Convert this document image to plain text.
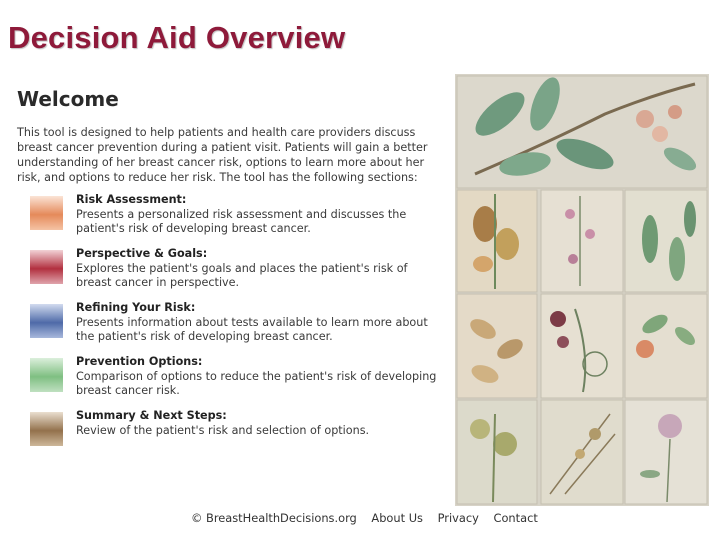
Decision Aid Overview
Welcome
This tool is designed to help patients and health care providers discuss breast cancer prevention during a patient visit. Patients will gain a better understanding of her breast cancer risk, options to learn more about her risk, and options to reduce her risk. The tool has the following sections:
Risk Assessment:
Presents a personalized risk assessment and discusses the patient's risk of developing breast cancer.
Perspective & Goals:
Explores the patient's goals and places the patient's risk of breast cancer in perspective.
Refining Your Risk:
Presents information about tests available to learn more about the patient's risk of developing breast cancer.
Prevention Options:
Comparison of options to reduce the patient's risk of developing breast cancer risk.
Summary & Next Steps:
Review of the patient's risk and selection of options.
© BreastHealthDecisions.org About Us Privacy Contact
